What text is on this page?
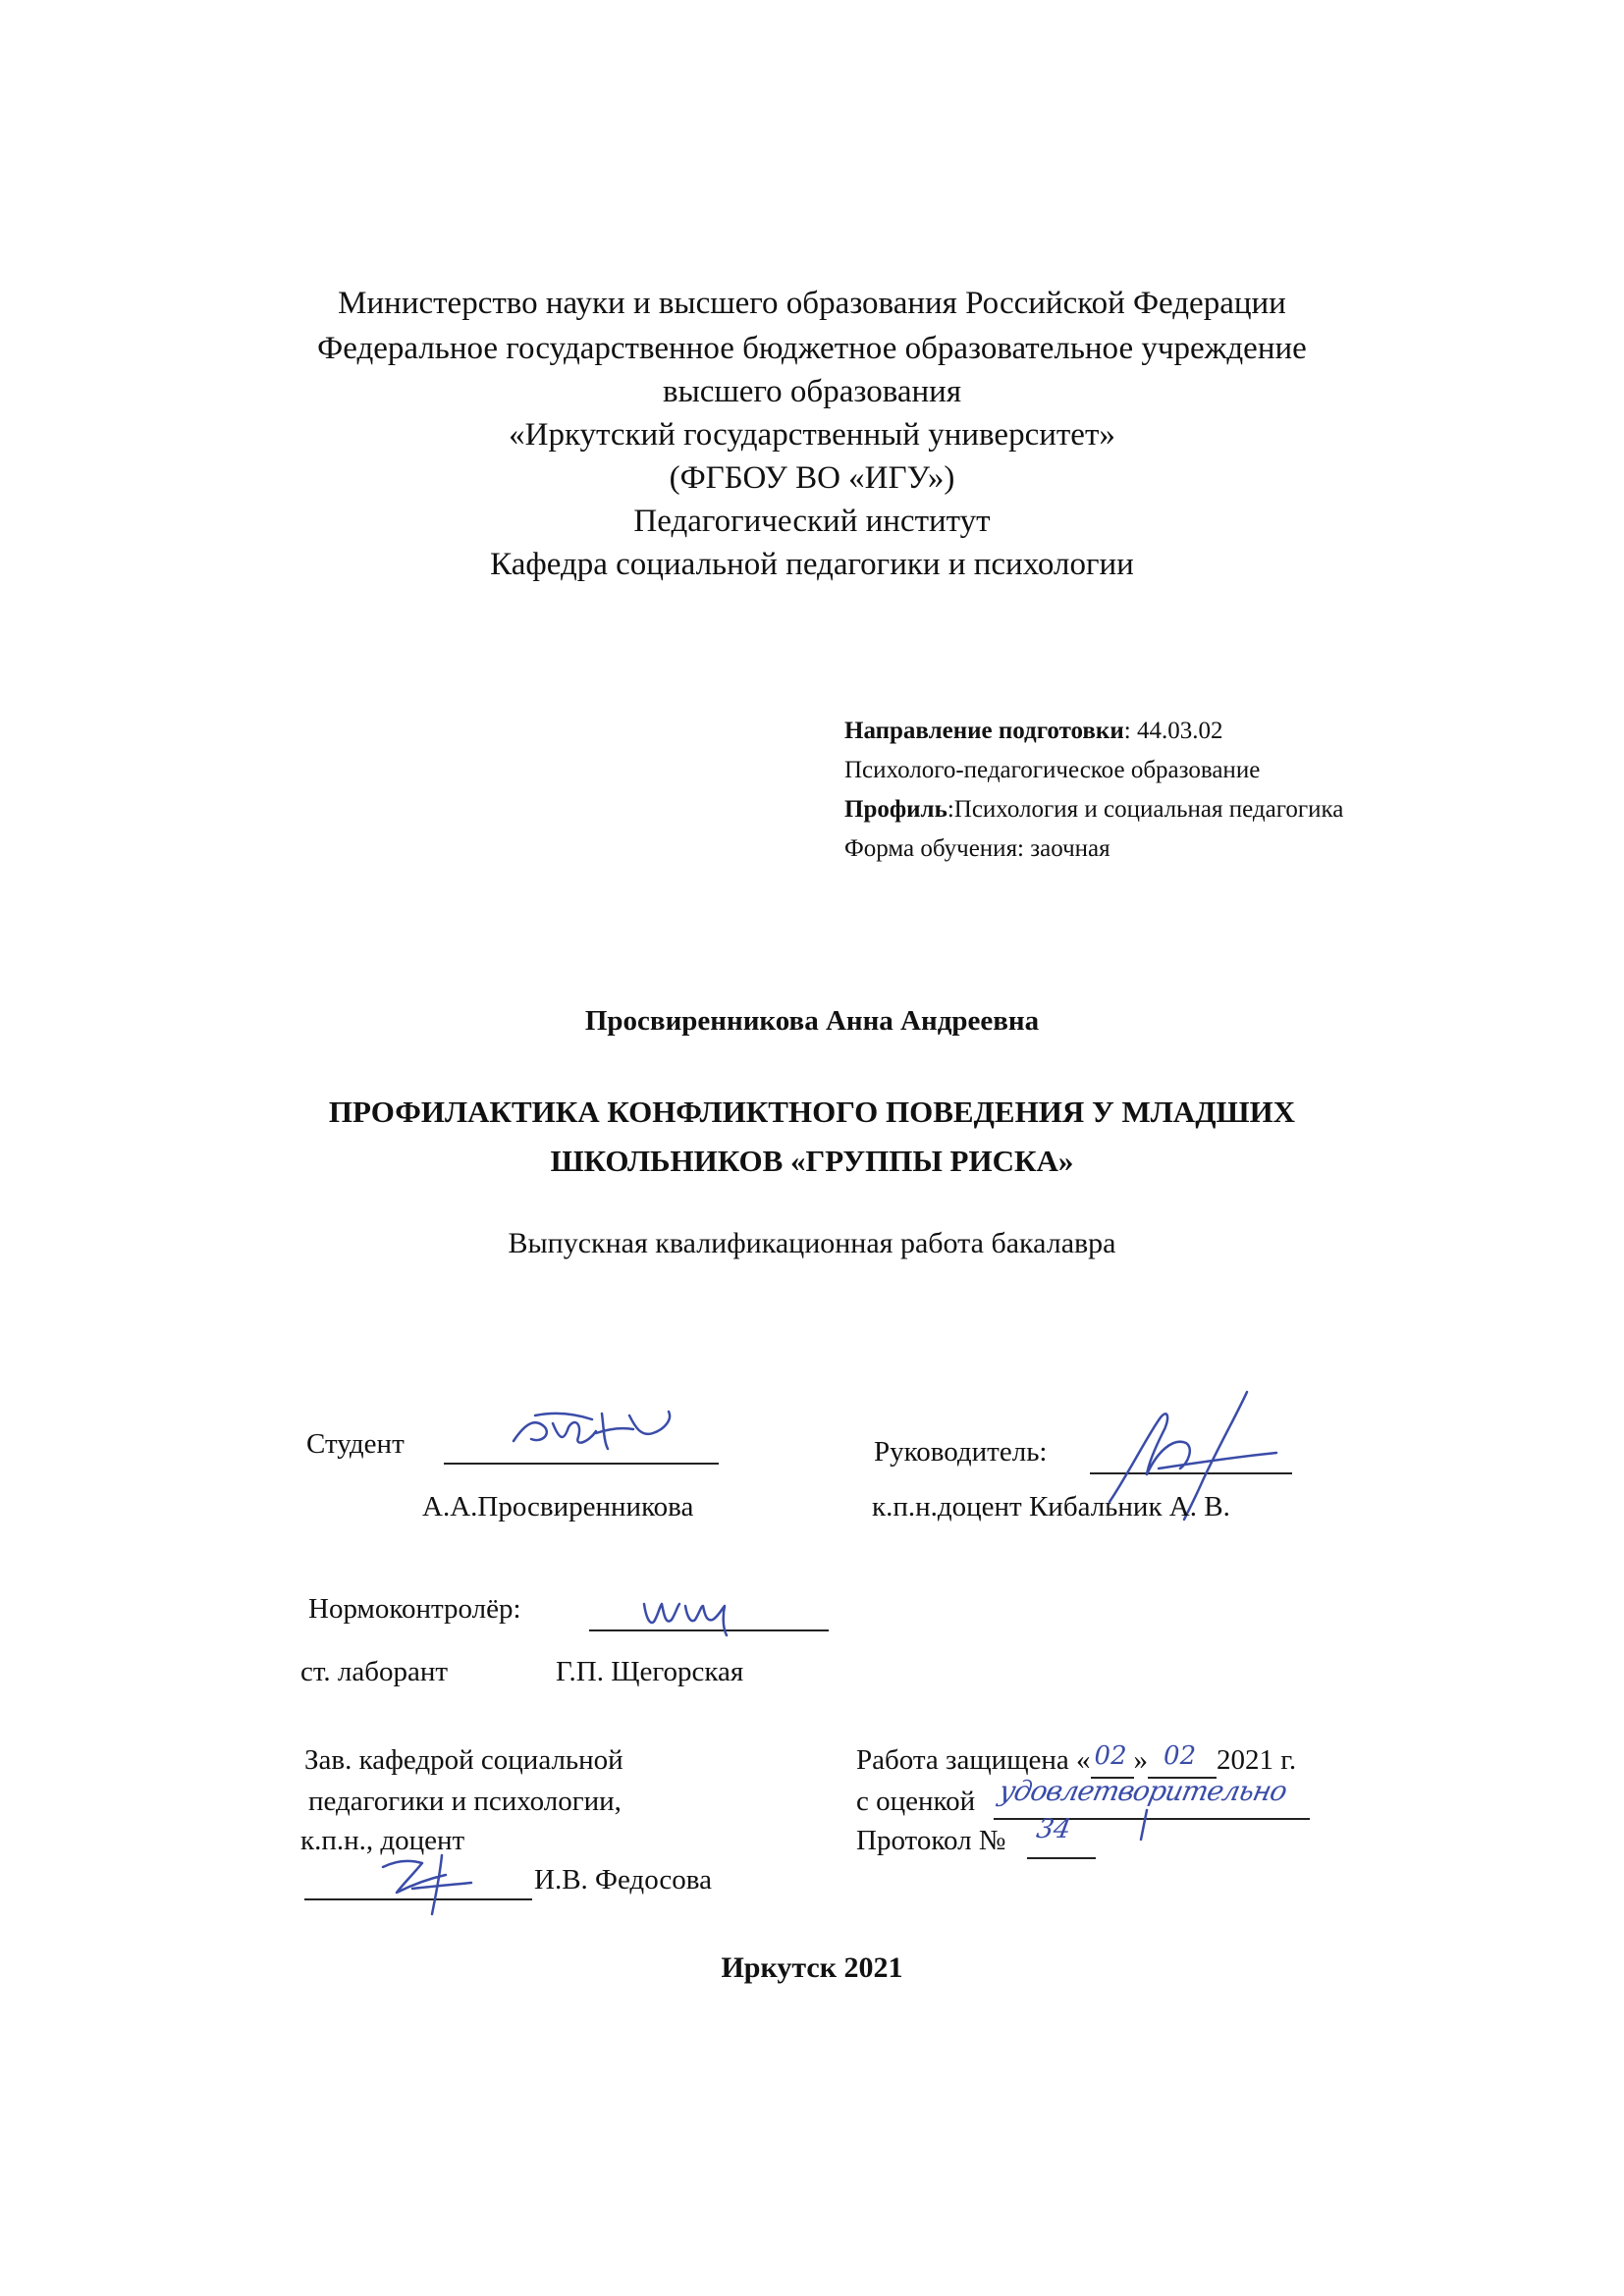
Министерство науки и высшего образования Российской Федерации
Федеральное государственное бюджетное образовательное учреждение
высшего образования
«Иркутский государственный университет»
(ФГБОУ ВО «ИГУ»)
Педагогический институт
Кафедра социальной педагогики и психологии
Направление подготовки: 44.03.02
Психолого-педагогическое образование
Профиль:Психология и социальная педагогика
Форма обучения: заочная
Просвиренникова Анна Андреевна
ПРОФИЛАКТИКА КОНФЛИКТНОГО ПОВЕДЕНИЯ У МЛАДШИХ
ШКОЛЬНИКОВ «ГРУППЫ РИСКА»
Выпускная квалификационная работа бакалавра
Студент
А.А.Просвиренникова
Руководитель:
к.п.н.доцент Кибальник А. В.
Нормоконтролёр:
ст. лаборант	Г.П. Щегорская
Зав. кафедрой социальной
педагогики и психологии,
к.п.н., доцент
И.В. Федосова
Работа защищена « 02 » 02 2021 г.
с оценкой удовлетворительно
Протокол № 34
Иркутск 2021
